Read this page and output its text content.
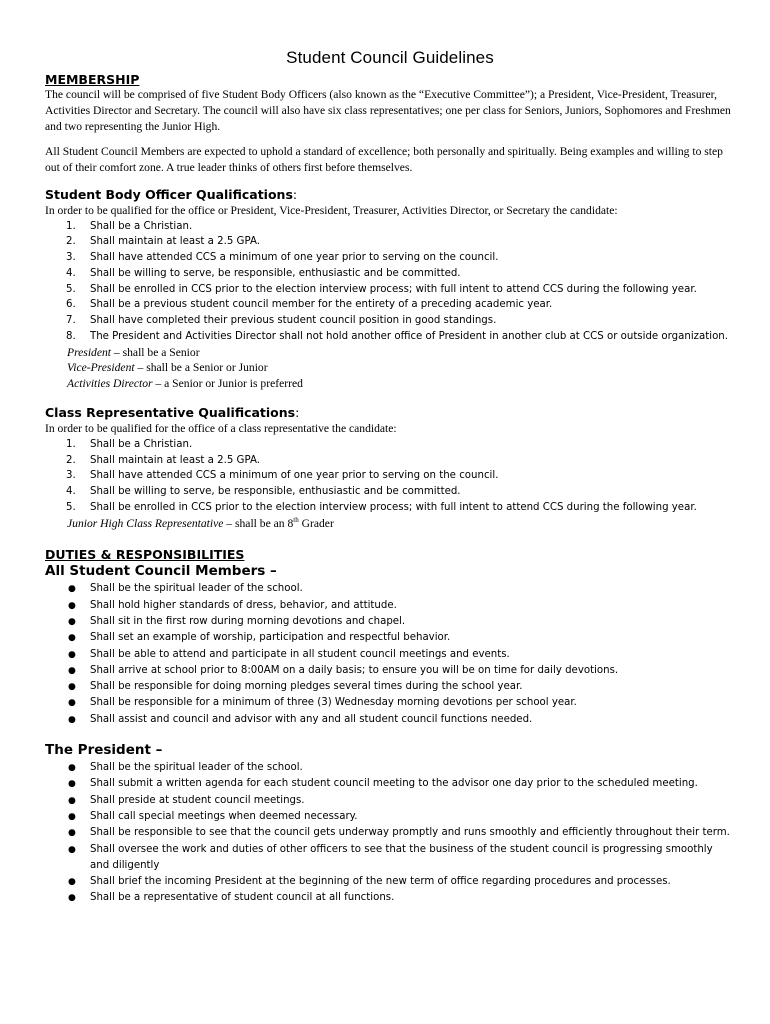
Student Council Guidelines
MEMBERSHIP

The council will be comprised of five Student Body Officers (also known as the “Executive Committee”); a President, Vice-President, Treasurer, Activities Director and Secretary. The council will also have six class representatives; one per class for Seniors, Juniors, Sophomores and Freshmen and two representing the Junior High.

All Student Council Members are expected to uphold a standard of excellence; both personally and spiritually. Being examples and willing to step out of their comfort zone. A true leader thinks of others first before themselves.

Student Body Officer Qualifications:

In order to be qualified for the office or President, Vice-President, Treasurer, Activities Director, or Secretary the candidate:

1. Shall be a Christian.
2. Shall maintain at least a 2.5 GPA.
3. Shall have attended CCS a minimum of one year prior to serving on the council.
4. Shall be willing to serve, be responsible, enthusiastic and be committed.
5. Shall be enrolled in CCS prior to the election interview process; with full intent to attend CCS during the following year.
6. Shall be a previous student council member for the entirety of a preceding academic year.
7. Shall have completed their previous student council position in good standings.
8. The President and Activities Director shall not hold another office of President in another club at CCS or outside organization.
President – shall be a Senior
Vice-President – shall be a Senior or Junior
Activities Director – a Senior or Junior is preferred
Class Representative Qualifications:

In order to be qualified for the office of a class representative the candidate:

1. Shall be a Christian.
2. Shall maintain at least a 2.5 GPA.
3. Shall have attended CCS a minimum of one year prior to serving on the council.
4. Shall be willing to serve, be responsible, enthusiastic and be committed.
5. Shall be enrolled in CCS prior to the election interview process; with full intent to attend CCS during the following year.
Junior High Class Representative – shall be an 8th Grader
DUTIES & RESPONSIBILITIES
All Student Council Members –
● Shall be the spiritual leader of the school.
● Shall hold higher standards of dress, behavior, and attitude.
● Shall sit in the first row during morning devotions and chapel.
● Shall set an example of worship, participation and respectful behavior.
● Shall be able to attend and participate in all student council meetings and events.
● Shall arrive at school prior to 8:00AM on a daily basis; to ensure you will be on time for daily devotions.
● Shall be responsible for doing morning pledges several times during the school year.
● Shall be responsible for a minimum of three (3) Wednesday morning devotions per school year.
● Shall assist and council and advisor with any and all student council functions needed.
The President –
● Shall be the spiritual leader of the school.
● Shall submit a written agenda for each student council meeting to the advisor one day prior to the scheduled meeting.
● Shall preside at student council meetings.
● Shall call special meetings when deemed necessary.
● Shall be responsible to see that the council gets underway promptly and runs smoothly and efficiently throughout their term.
● Shall oversee the work and duties of other officers to see that the business of the student council is progressing smoothly and diligently
● Shall brief the incoming President at the beginning of the new term of office regarding procedures and processes.
● Shall be a representative of student council at all functions.
